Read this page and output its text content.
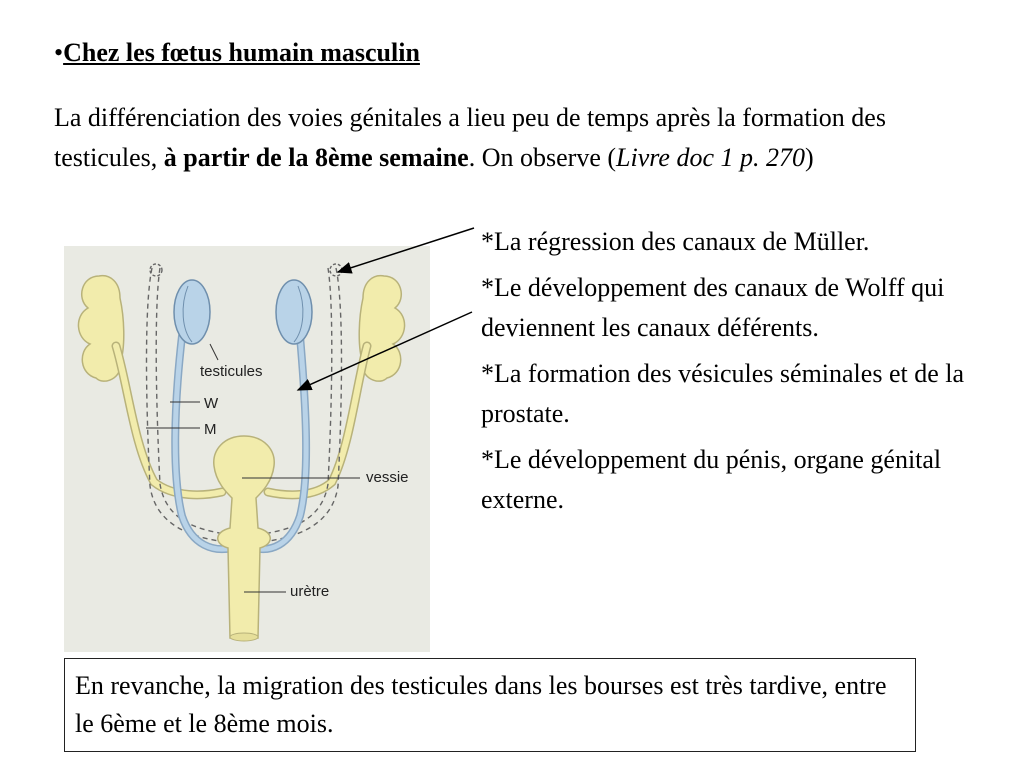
•Chez les fœtus humain masculin
La différenciation des voies génitales a lieu peu de temps après la formation des testicules, à partir de la 8ème semaine. On observe (Livre doc 1 p. 270)
testicules
W
M
vessie
urètre

*La régression des canaux de Müller.

*Le développement des canaux de Wolff qui deviennent les canaux déférents.

*La formation des vésicules séminales et de la prostate.

*Le développement du pénis, organe génital externe.

En revanche, la migration des testicules dans les bourses est très tardive, entre le 6ème et le 8ème mois.
